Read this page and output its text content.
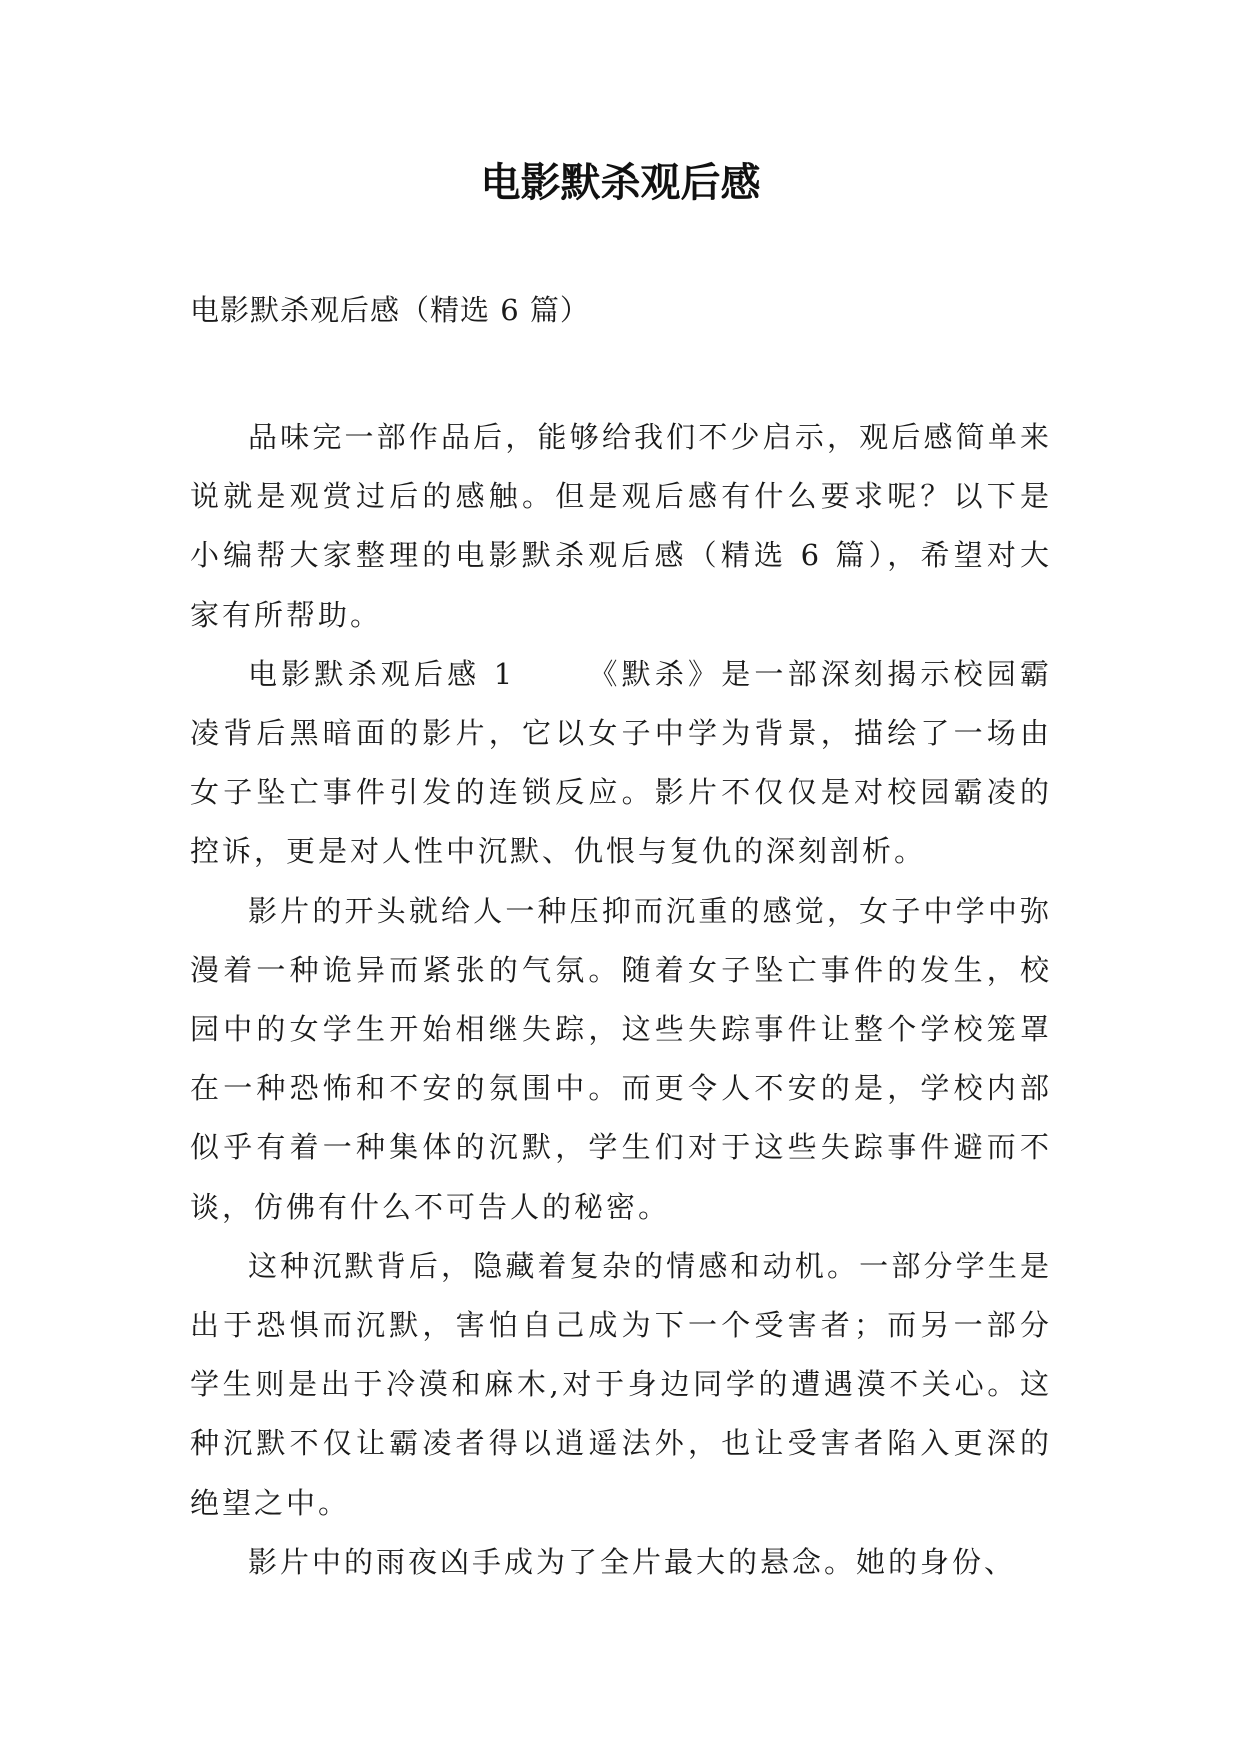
电影默杀观后感

电影默杀观后感（精选 6 篇）

品味完一部作品后，能够给我们不少启示，观后感简单来说就是观赏过后的感触。但是观后感有什么要求呢？以下是小编帮大家整理的电影默杀观后感（精选 6 篇），希望对大家有所帮助。

电影默杀观后感 1 《默杀》是一部深刻揭示校园霸凌背后黑暗面的影片，它以女子中学为背景，描绘了一场由女子坠亡事件引发的连锁反应。影片不仅仅是对校园霸凌的控诉，更是对人性中沉默、仇恨与复仇的深刻剖析。

影片的开头就给人一种压抑而沉重的感觉，女子中学中弥漫着一种诡异而紧张的气氛。随着女子坠亡事件的发生，校园中的女学生开始相继失踪，这些失踪事件让整个学校笼罩在一种恐怖和不安的氛围中。而更令人不安的是，学校内部似乎有着一种集体的沉默，学生们对于这些失踪事件避而不谈，仿佛有什么不可告人的秘密。

这种沉默背后，隐藏着复杂的情感和动机。一部分学生是出于恐惧而沉默，害怕自己成为下一个受害者；而另一部分学生则是出于冷漠和麻木,对于身边同学的遭遇漠不关心。这种沉默不仅让霸凌者得以逍遥法外，也让受害者陷入更深的绝望之中。

影片中的雨夜凶手成为了全片最大的悬念。她的身份、
